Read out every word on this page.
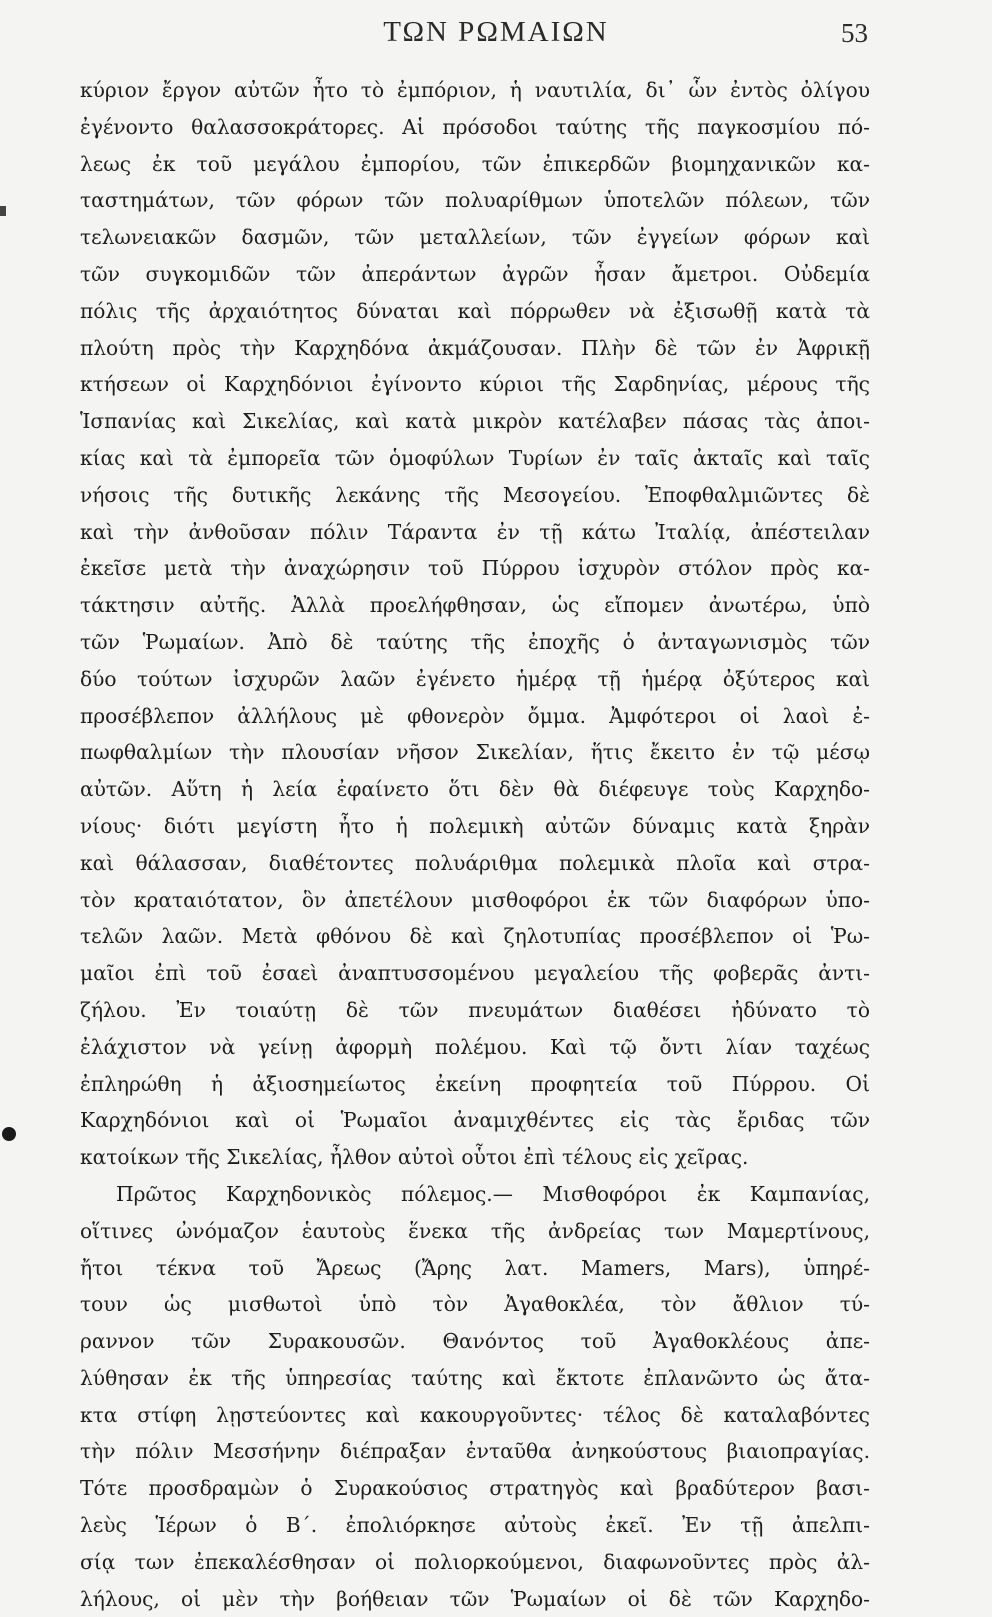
ΤΩΝ ΡΩΜΑΙΩΝ	53
κύριον ἔργον αὐτῶν ἦτο τὸ ἐμπόριον, ἡ ναυτιλία, δι᾿ ὧν ἐντὸς ὀλίγου
ἐγένοντο θαλασσοκράτορες. Αἱ πρόσοδοι ταύτης τῆς παγκοσμίου πό-
λεως ἐκ τοῦ μεγάλου ἐμπορίου, τῶν ἐπικερδῶν βιομηχανικῶν κα-
ταστημάτων, τῶν φόρων τῶν πολυαρίθμων ὑποτελῶν πόλεων, τῶν
τελωνειακῶν δασμῶν, τῶν μεταλλείων, τῶν ἐγγείων φόρων καὶ
τῶν συγκομιδῶν τῶν ἀπεράντων ἀγρῶν ἦσαν ἄμετροι. Οὐδεμία
πόλις τῆς ἀρχαιότητος δύναται καὶ πόρρωθεν νὰ ἐξισωθῇ κατὰ τὰ
πλούτη πρὸς τὴν Καρχηδόνα ἀκμάζουσαν. Πλὴν δὲ τῶν ἐν Ἀφρικῇ
κτήσεων οἱ Καρχηδόνιοι ἐγίνοντο κύριοι τῆς Σαρδηνίας, μέρους τῆς
Ἱσπανίας καὶ Σικελίας, καὶ κατὰ μικρὸν κατέλαβεν πάσας τὰς ἀποι-
κίας καὶ τὰ ἐμπορεῖα τῶν ὁμοφύλων Τυρίων ἐν ταῖς ἀκταῖς καὶ ταῖς
νήσοις τῆς δυτικῆς λεκάνης τῆς Μεσογείου. Ἐποφθαλμιῶντες δὲ
καὶ τὴν ἀνθοῦσαν πόλιν Τάραντα ἐν τῇ κάτω Ἰταλίᾳ, ἀπέστειλαν
ἐκεῖσε μετὰ τὴν ἀναχώρησιν τοῦ Πύρρου ἰσχυρὸν στόλον πρὸς κα-
τάκτησιν αὐτῆς. Ἀλλὰ προελήφθησαν, ὡς εἴπομεν ἀνωτέρω, ὑπὸ
τῶν Ῥωμαίων. Ἀπὸ δὲ ταύτης τῆς ἐποχῆς ὁ ἀνταγωνισμὸς τῶν
δύο τούτων ἰσχυρῶν λαῶν ἐγένετο ἡμέρᾳ τῇ ἡμέρᾳ ὀξύτερος καὶ
προσέβλεπον ἀλλήλους μὲ φθονερὸν ὄμμα. Ἀμφότεροι οἱ λαοὶ ἐ-
πωφθαλμίων τὴν πλουσίαν νῆσον Σικελίαν, ἥτις ἔκειτο ἐν τῷ μέσῳ
αὐτῶν. Αὕτη ἡ λεία ἐφαίνετο ὅτι δὲν θὰ διέφευγε τοὺς Καρχηδο-
νίους· διότι μεγίστη ἦτο ἡ πολεμικὴ αὐτῶν δύναμις κατὰ ξηρὰν
καὶ θάλασσαν, διαθέτοντες πολυάριθμα πολεμικὰ πλοῖα καὶ στρα-
τὸν κραταιότατον, ὃν ἀπετέλουν μισθοφόροι ἐκ τῶν διαφόρων ὑπο-
τελῶν λαῶν. Μετὰ φθόνου δὲ καὶ ζηλοτυπίας προσέβλεπον οἱ Ῥω-
μαῖοι ἐπὶ τοῦ ἐσαεὶ ἀναπτυσσομένου μεγαλείου τῆς φοβερᾶς ἀντι-
ζήλου. Ἐν τοιαύτῃ δὲ τῶν πνευμάτων διαθέσει ἠδύνατο τὸ
ἐλάχιστον νὰ γείνῃ ἀφορμὴ πολέμου. Καὶ τῷ ὄντι λίαν ταχέως
ἐπληρώθη ἡ ἀξιοσημείωτος ἐκείνη προφητεία τοῦ Πύρρου. Οἱ
Καρχηδόνιοι καὶ οἱ Ῥωμαῖοι ἀναμιχθέντες εἰς τὰς ἔριδας τῶν
κατοίκων τῆς Σικελίας, ἦλθον αὐτοὶ οὗτοι ἐπὶ τέλους εἰς χεῖρας.
Πρῶτος Καρχηδονικὸς πόλεμος.— Μισθοφόροι ἐκ Καμπανίας,
οἵτινες ὠνόμαζον ἑαυτοὺς ἕνεκα τῆς ἀνδρείας των Μαμερτίνους,
ἤτοι τέκνα τοῦ Ἄρεως (Ἄρης λατ. Mamers, Mars), ὑπηρέ-
τουν ὡς μισθωτοὶ ὑπὸ τὸν Ἀγαθοκλέα, τὸν ἄθλιον τύ-
ραννον τῶν Συρακουσῶν. Θανόντος τοῦ Ἀγαθοκλέους ἀπε-
λύθησαν ἐκ τῆς ὑπηρεσίας ταύτης καὶ ἔκτοτε ἐπλανῶντο ὡς ἄτα-
κτα στίφη λῃστεύοντες καὶ κακουργοῦντες· τέλος δὲ καταλαβόντες
τὴν πόλιν Μεσσήνην διέπραξαν ἐνταῦθα ἀνηκούστους βιαιοπραγίας.
Τότε προσδραμὼν ὁ Συρακούσιος στρατηγὸς καὶ βραδύτερον βασι-
λεὺς Ἱέρων ὁ Β΄. ἐπολιόρκησε αὐτοὺς ἐκεῖ. Ἐν τῇ ἀπελπι-
σίᾳ των ἐπεκαλέσθησαν οἱ πολιορκούμενοι, διαφωνοῦντες πρὸς ἀλ-
λήλους, οἱ μὲν τὴν βοήθειαν τῶν Ῥωμαίων οἱ δὲ τῶν Καρχηδο-
